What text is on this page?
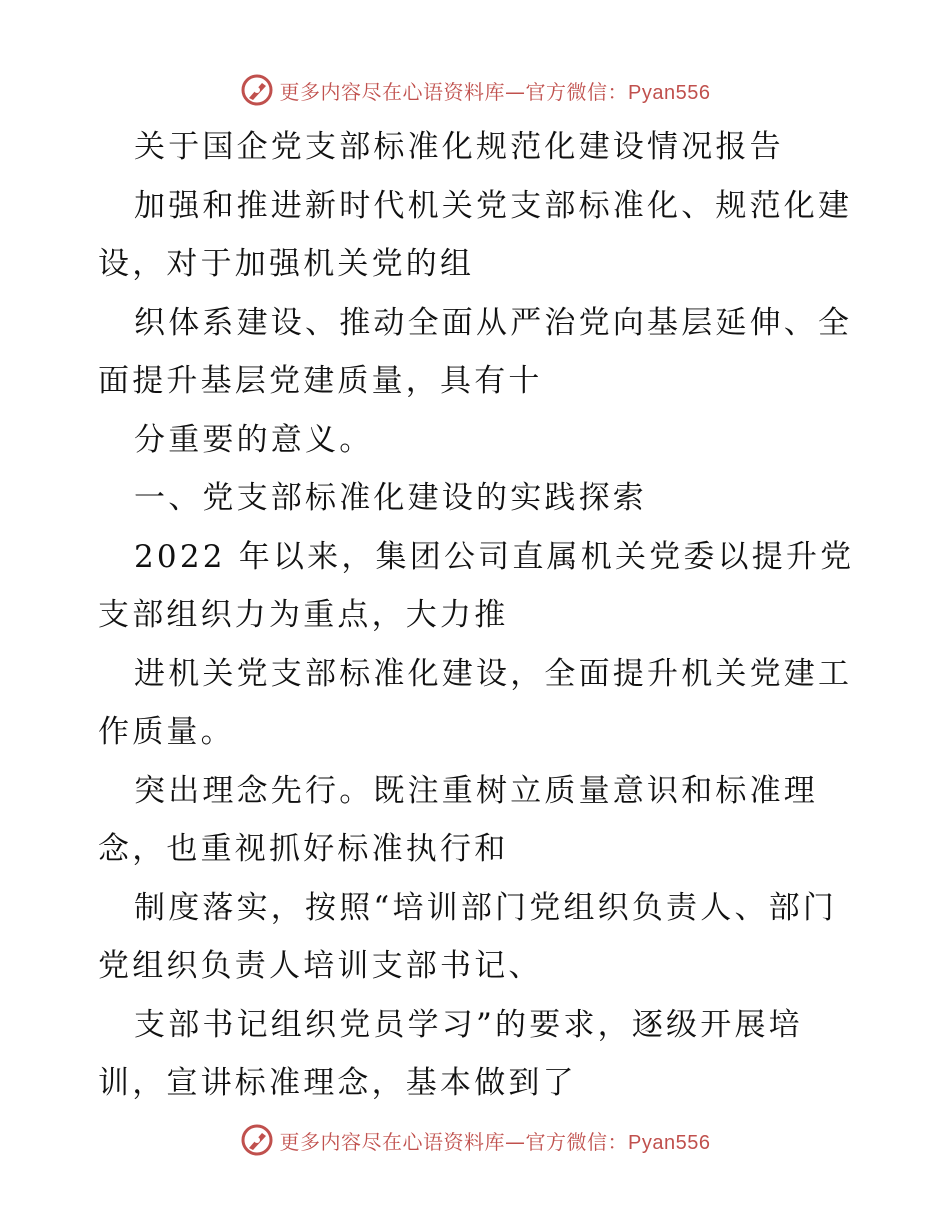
更多内容尽在心语资料库—官方微信：Pyan556
关于国企党支部标准化规范化建设情况报告
加强和推进新时代机关党支部标准化、规范化建
设，对于加强机关党的组
织体系建设、推动全面从严治党向基层延伸、全
面提升基层党建质量，具有十
分重要的意义。
一、党支部标准化建设的实践探索
2022 年以来，集团公司直属机关党委以提升党
支部组织力为重点，大力推
进机关党支部标准化建设，全面提升机关党建工
作质量。
突出理念先行。既注重树立质量意识和标准理
念，也重视抓好标准执行和
制度落实，按照“培训部门党组织负责人、部门
党组织负责人培训支部书记、
支部书记组织党员学习”的要求，逐级开展培
训，宣讲标准理念，基本做到了
更多内容尽在心语资料库—官方微信：Pyan556
